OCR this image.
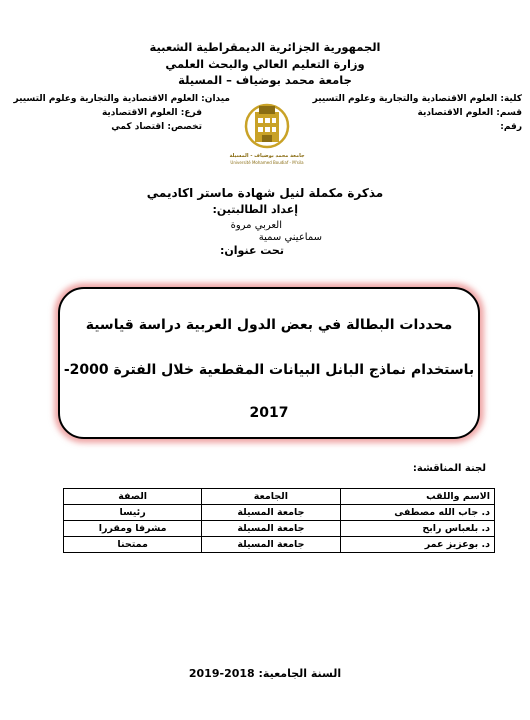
الجمهورية الجزائرية الديمقراطية الشعبية
وزارة التعليم العالي والبحث العلمي
جامعة محمد بوضياف – المسيلة
كلية: العلوم الاقتصادية والتجارية وعلوم التسيير
ميدان: العلوم الاقتصادية والتجارية وعلوم التسيير
قسم: العلوم الاقتصادية
فرع: العلوم الاقتصادية
رقم:
تخصص: اقتصاد كمي
جامعة محمد بوضياف - المسيلة
Université Mohamed Boudiaf - M'sila
مذكرة مكملة لنيل شهادة ماستر اكاديمي
إعداد الطالبتين:
العربي مروة
سماعيني سمية
تحت عنوان:
محددات البطالة في بعض الدول العربية دراسة قياسية
باستخدام نماذج البانل البيانات المقطعية خلال الفترة 2000-
2017
لجنة المناقشة:
الاسم واللقب	الجامعة	الصفة
د. جاب الله مصطفى	جامعة المسيلة	رئيسا
د. بلعباس رابح	جامعة المسيلة	مشرفا ومقررا
د. بوعزيز عمر	جامعة المسيلة	ممتحنا
السنة الجامعية: 2018-2019
